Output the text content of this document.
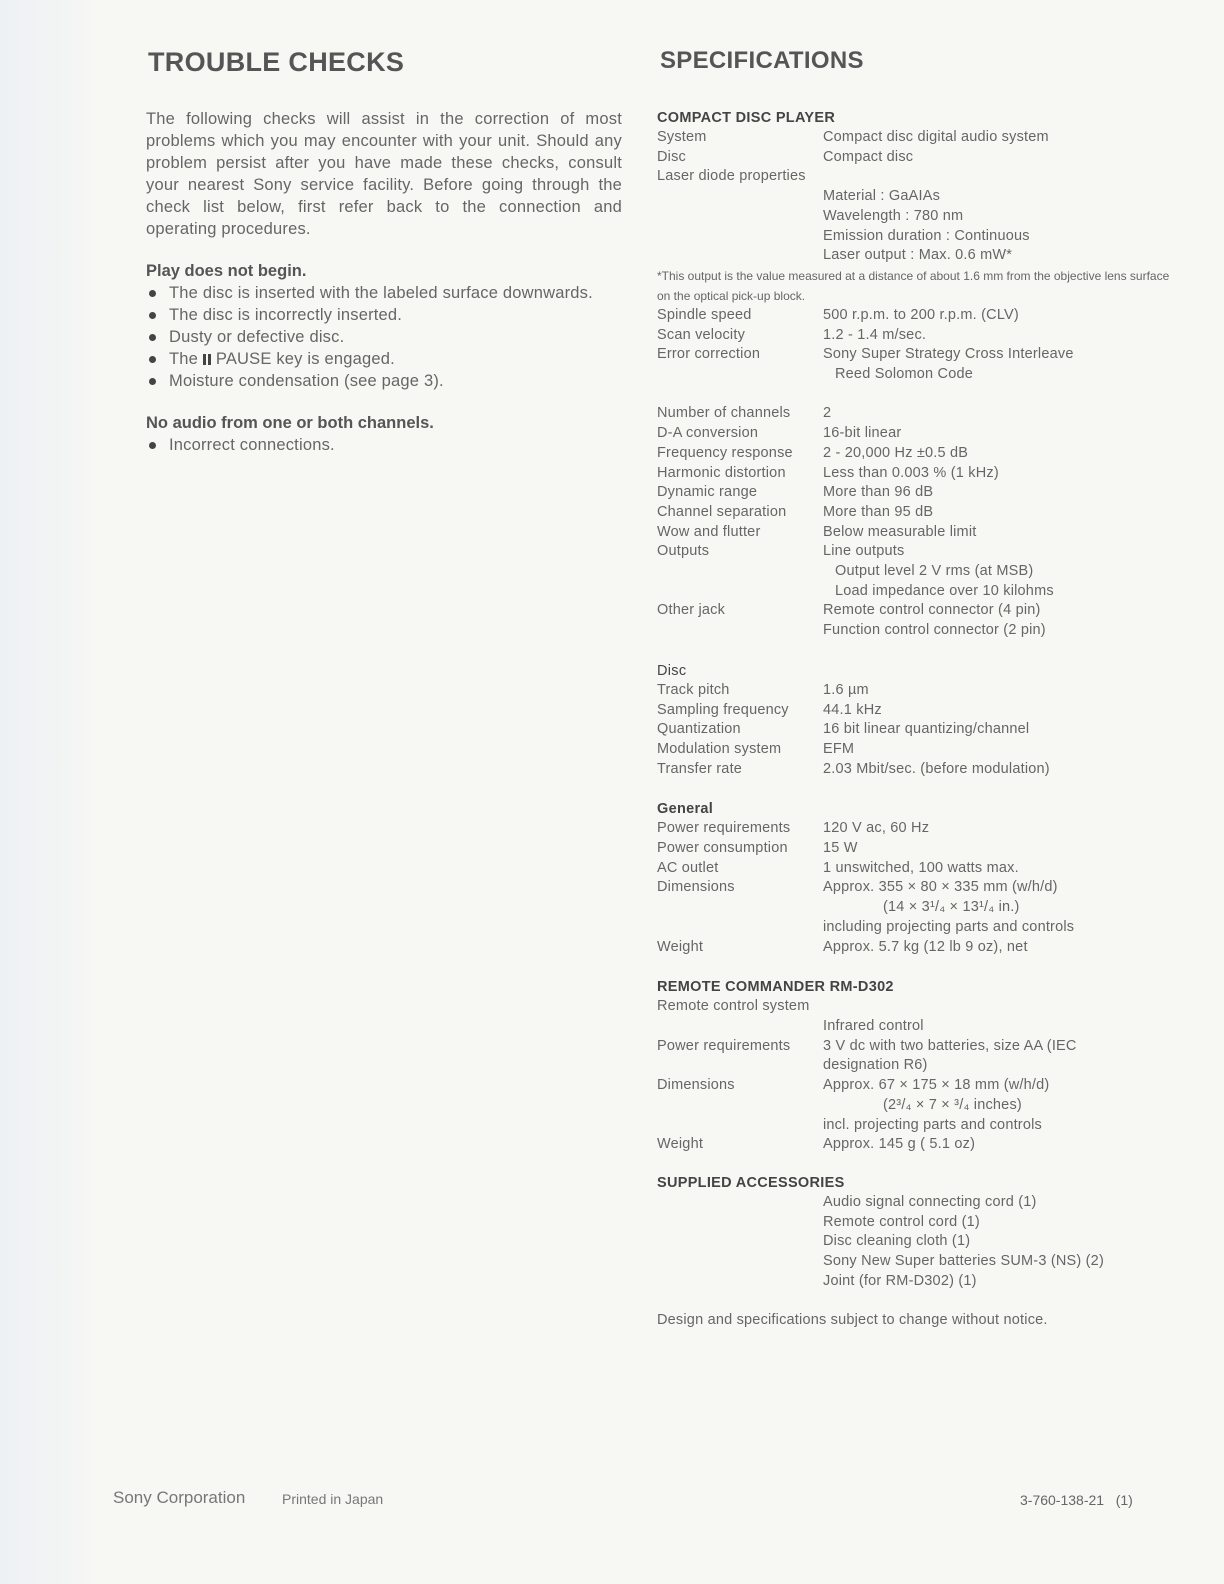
TROUBLE CHECKS

The following checks will assist in the correction of most problems which you may encounter with your unit. Should any problem persist after you have made these checks, consult your nearest Sony service facility. Before going through the check list below, first refer back to the connection and operating procedures.

Play does not begin.

The disc is inserted with the labeled surface downwards.
The disc is incorrectly inserted.
Dusty or defective disc.
The PAUSE key is engaged.
Moisture condensation (see page 3).

No audio from one or both channels.

Incorrect connections.
SPECIFICATIONS

COMPACT DISC PLAYER

System	Compact disc digital audio system
Disc	Compact disc
Laser diode properties
Material : GaAIAs
Wavelength : 780 nm
Emission duration : Continuous
Laser output : Max. 0.6 mW*

*This output is the value measured at a distance of about 1.6 mm from the objective lens surface on the optical pick-up block.

Spindle speed	500 r.p.m. to 200 r.p.m. (CLV)
Scan velocity	1.2 - 1.4 m/sec.
Error correction	Sony Super Strategy Cross Interleave
Reed Solomon Code
Number of channels	2
D-A conversion	16-bit linear
Frequency response	2 - 20,000 Hz ±0.5 dB
Harmonic distortion	Less than 0.003 % (1 kHz)
Dynamic range	More than 96 dB
Channel separation	More than 95 dB
Wow and flutter	Below measurable limit
Outputs	Line outputs
Output level 2 V rms (at MSB)
Load impedance over 10 kilohms
Other jack	Remote control connector (4 pin)
Function control connector (2 pin)

Disc

Track pitch	1.6 µm
Sampling frequency	44.1 kHz
Quantization	16 bit linear quantizing/channel
Modulation system	EFM
Transfer rate	2.03 Mbit/sec. (before modulation)

General

Power requirements	120 V ac, 60 Hz
Power consumption	15 W
AC outlet	1 unswitched, 100 watts max.
Dimensions	Approx. 355 × 80 × 335 mm (w/h/d)
(14 × 3¹/₄ × 13¹/₄ in.)
including projecting parts and controls
Weight	Approx. 5.7 kg (12 lb 9 oz), net

REMOTE COMMANDER RM-D302

Remote control system
Infrared control
Power requirements	3 V dc with two batteries, size AA (IEC
designation R6)
Dimensions	Approx. 67 × 175 × 18 mm (w/h/d)
(2³/₄ × 7 × ³/₄ inches)
incl. projecting parts and controls
Weight	Approx. 145 g ( 5.1 oz)

SUPPLIED ACCESSORIES

Audio signal connecting cord (1)
Remote control cord (1)
Disc cleaning cloth (1)
Sony New Super batteries SUM-3 (NS) (2)
Joint (for RM-D302) (1)
Design and specifications subject to change without notice.
Sony Corporation	Printed in Japan	3-760-138-21   (1)
